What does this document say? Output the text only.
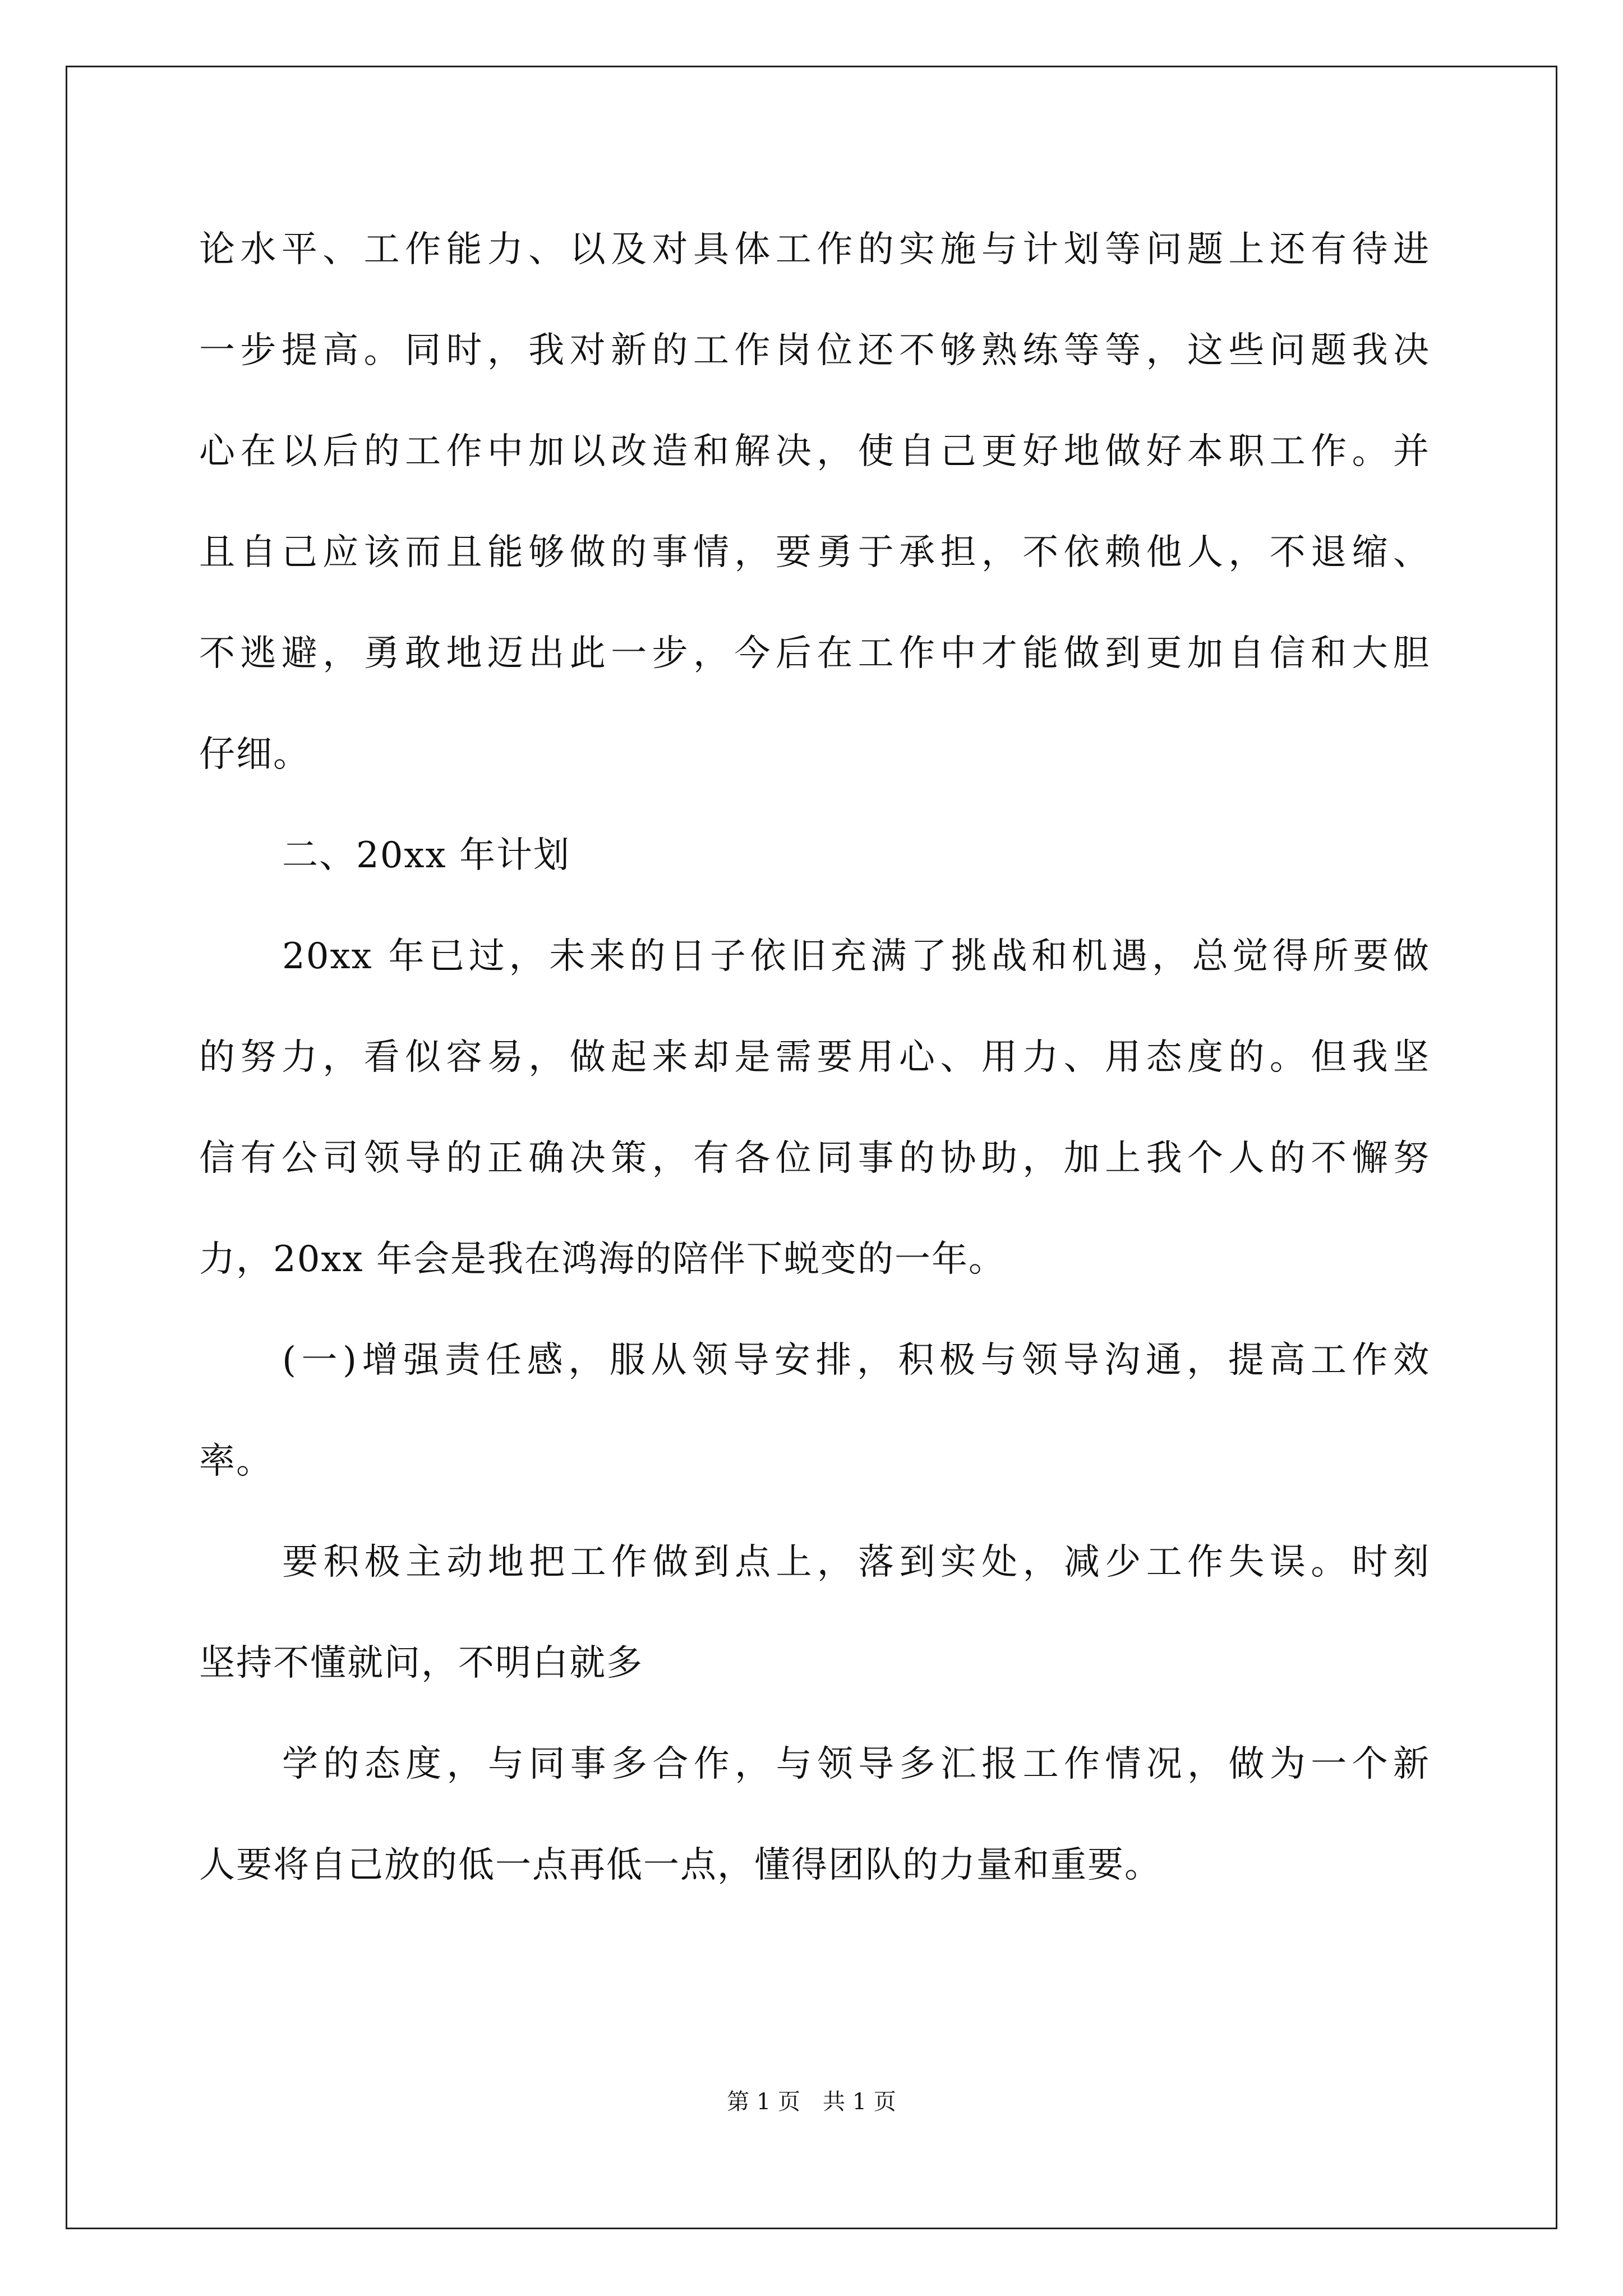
论水平、工作能力、以及对具体工作的实施与计划等问题上还有待进
一步提高。同时，我对新的工作岗位还不够熟练等等，这些问题我决
心在以后的工作中加以改造和解决，使自己更好地做好本职工作。并
且自己应该而且能够做的事情，要勇于承担，不依赖他人，不退缩、
不逃避，勇敢地迈出此一步，今后在工作中才能做到更加自信和大胆
仔细。
二、20xx 年计划
20xx 年已过，未来的日子依旧充满了挑战和机遇，总觉得所要做
的努力，看似容易，做起来却是需要用心、用力、用态度的。但我坚
信有公司领导的正确决策，有各位同事的协助，加上我个人的不懈努
力，20xx 年会是我在鸿海的陪伴下蜕变的一年。
(一)增强责任感，服从领导安排，积极与领导沟通，提高工作效
率。
要积极主动地把工作做到点上，落到实处，减少工作失误。时刻
坚持不懂就问，不明白就多
学的态度，与同事多合作，与领导多汇报工作情况，做为一个新
人要将自己放的低一点再低一点，懂得团队的力量和重要。
第 1 页 共 1 页
